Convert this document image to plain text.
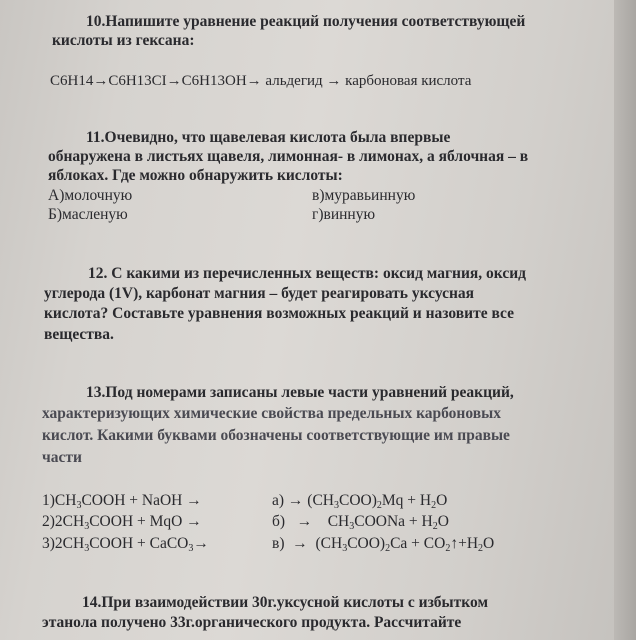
10.Напишите уравнение реакций получения соответствующей
кислоты из гексана:
C6H14→C6H13CI→C6H13OH→ альдегид → карбоновая кислота
11.Очевидно, что щавелевая кислота была впервые
обнаружена в листьях щавеля, лимонная- в лимонах, а яблочная – в
яблоках. Где можно обнаружить кислоты:
А)молочную
Б)масленую
в)муравьинную
г)винную
12. С какими из перечисленных веществ: оксид магния, оксид
углерода (1V), карбонат магния – будет реагировать уксусная
кислота? Составьте уравнения возможных реакций и назовите все
вещества.
13.Под номерами записаны левые части уравнений реакций,
характеризующих химические свойства предельных карбоновых
кислот. Какими буквами обозначены соответствующие им правые
части
$1)CH_3COOH$ + NaOH →
$2)2CH_3COOH$ + MqO →
$3)2CH_3COOH$ + CaCO$_3$→
$а) \to (CH_3COO)_2Mq + H_2O$
$б) \to CH_3COONa + H_2O$
$в) \to (CH_3COO)_2Ca$ + $CO_2↑+H_2O$
14.При взаимодействии 30г.уксусной кислоты с избытком
этанола получено 33г.органического продукта. Рассчитайте
